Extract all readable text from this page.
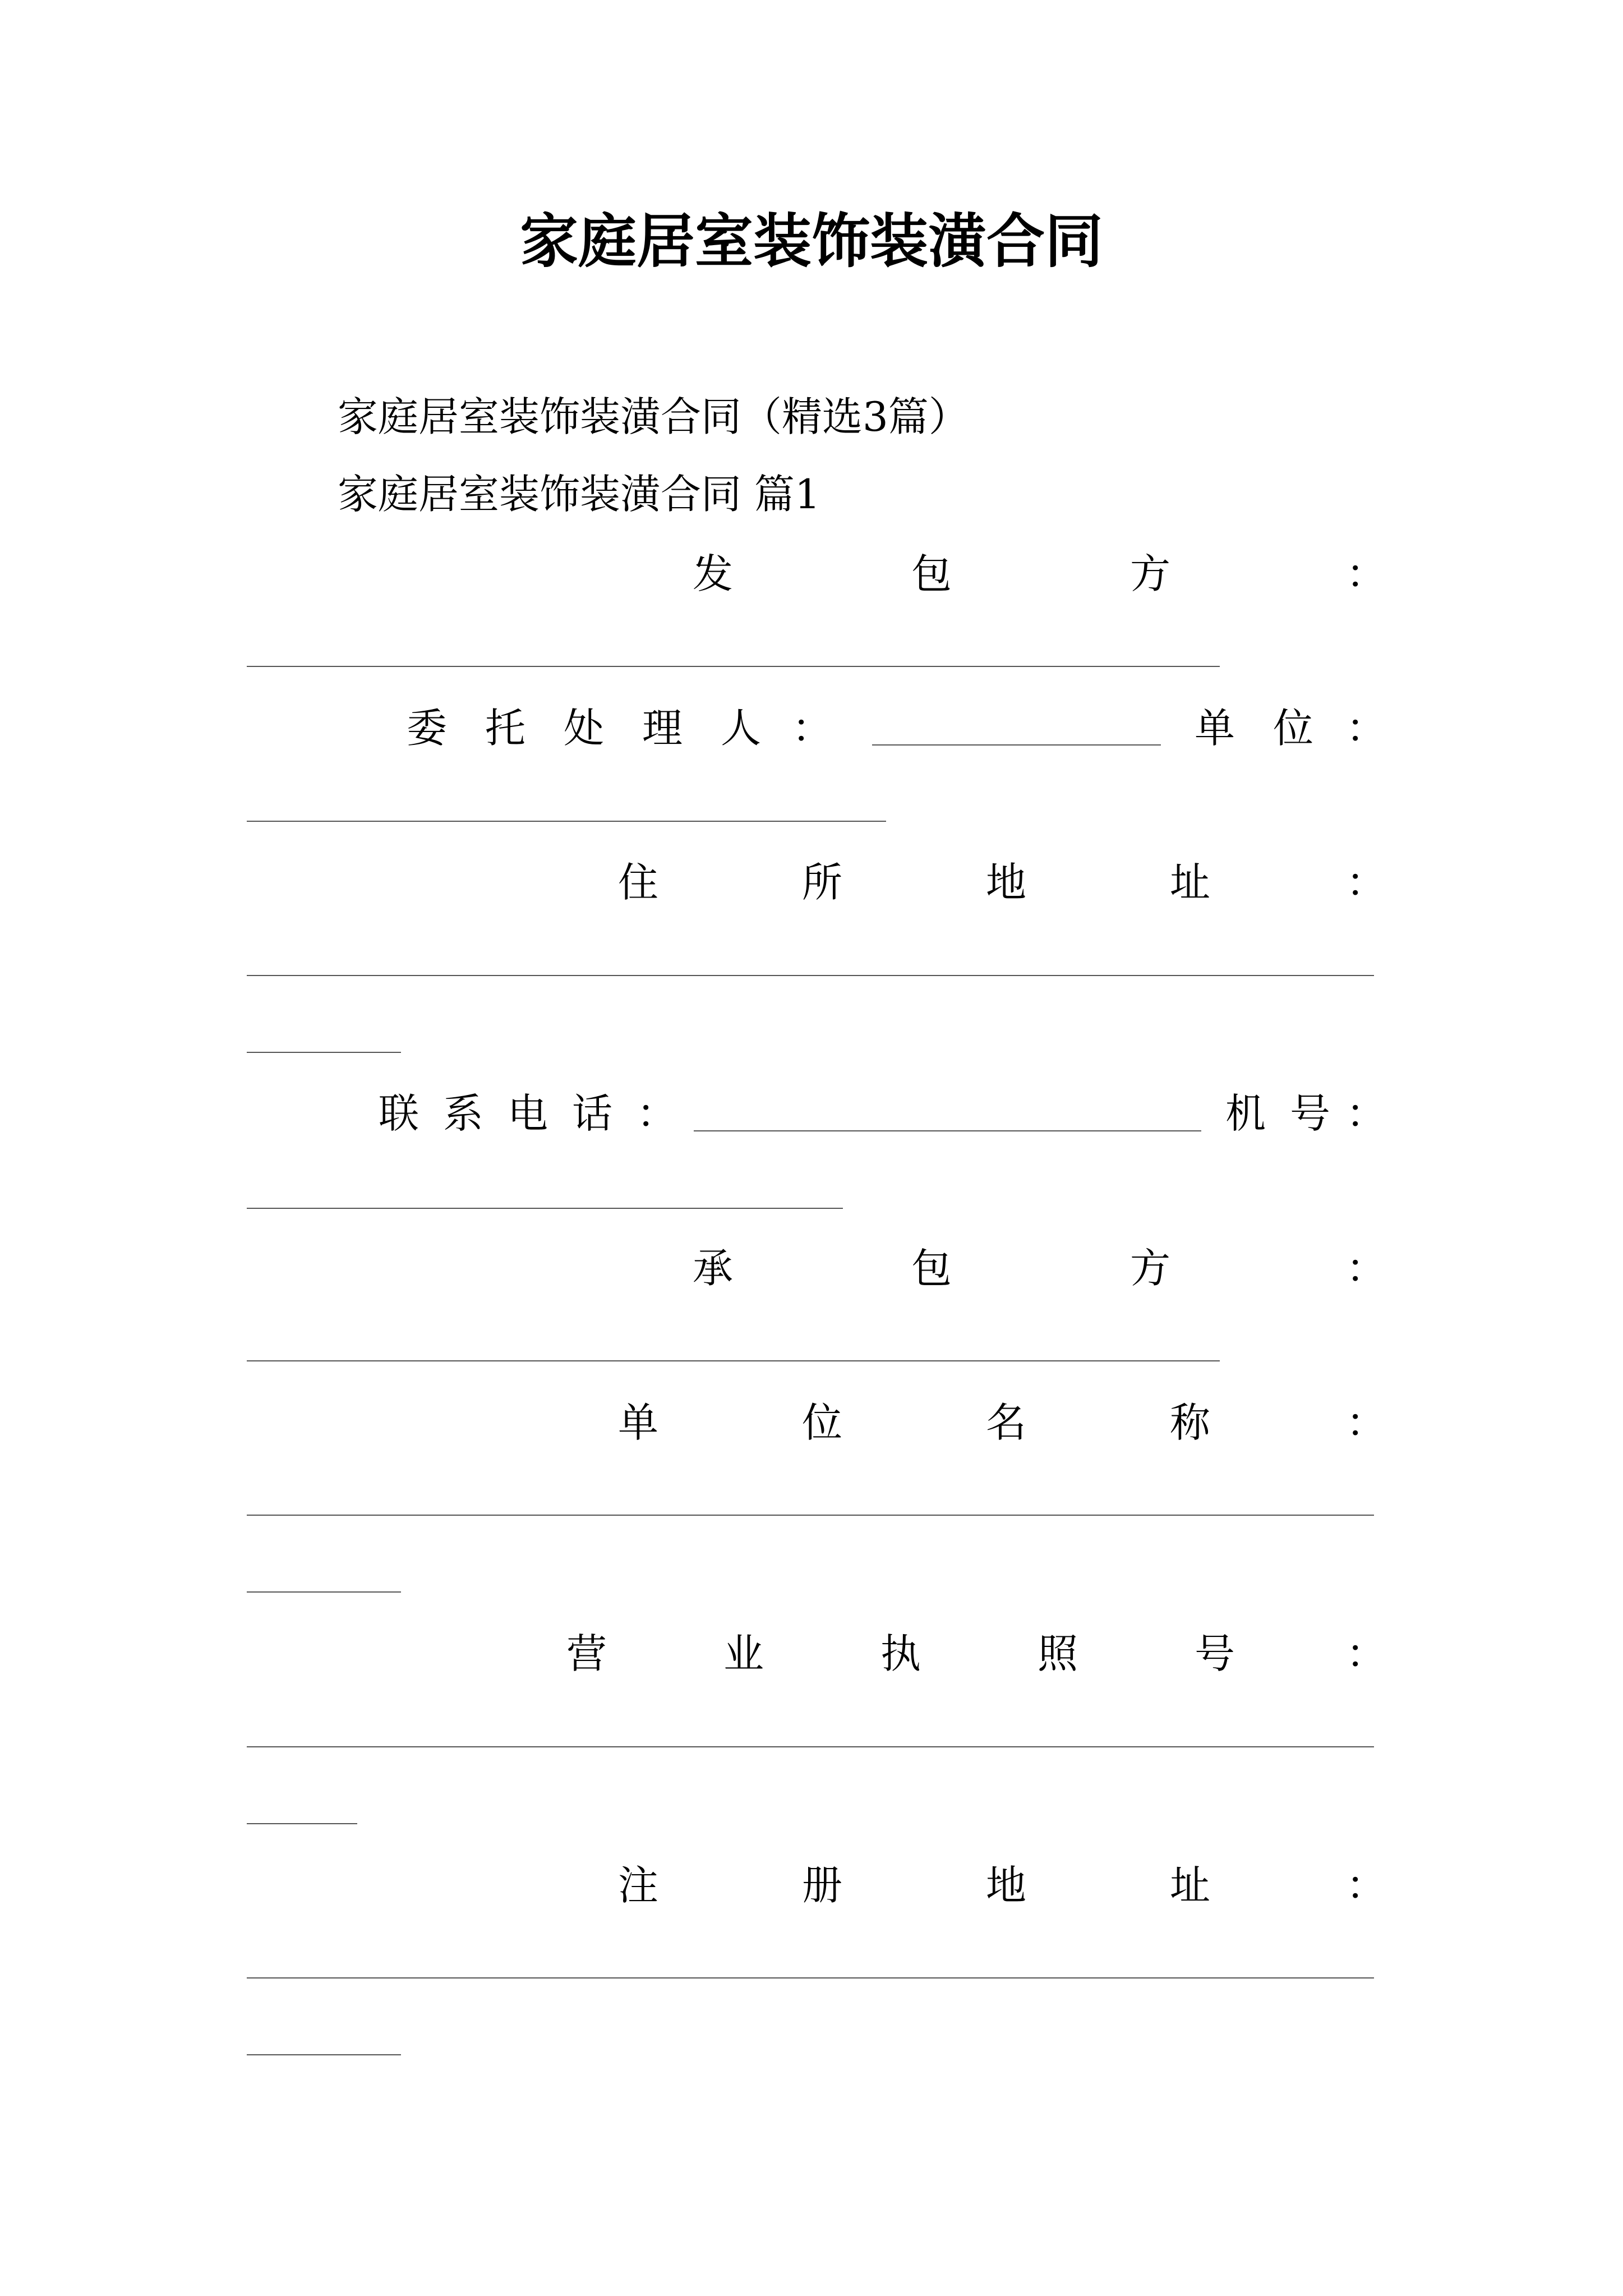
家庭居室装饰装潢合同
家庭居室装饰装潢合同（精选3篇）
家庭居室装饰装潢合同 篇1
发	包	方	：
委 托 处 理 人 ：	单 位 ：
住	所	地	址	：
联 系 电 话 ：	机 号 ：
承	包	方	：
单	位	名	称	：
营	业	执	照	号	：
注	册	地	址	：
